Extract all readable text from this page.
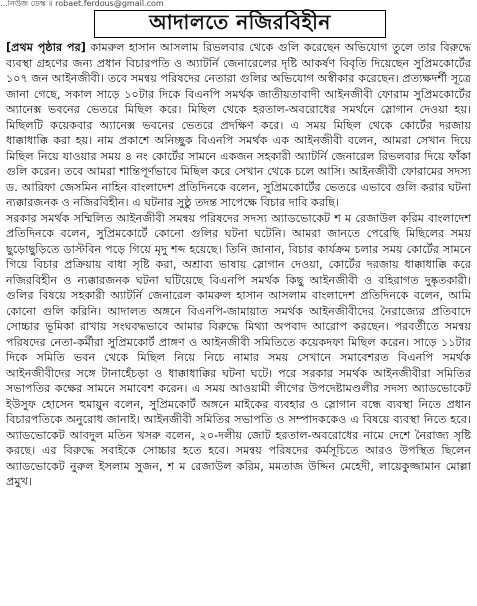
...নিউজ ডেস্ক ॥ robaet.ferdous@gmail.com
আদালতে নজিরবিহীন

[প্রথম পৃষ্ঠার পর] কামরুল হাসান আসলাম রিভলবার থেকে গুলি করেছেন অভিযোগ তুলে তার বিরুদ্ধে ব্যবস্থা গ্রহণের জন্য প্রধান বিচারপতি ও অ্যাটর্নি জেনারেলের দৃষ্টি আকর্ষণ বিবৃতি দিয়েছেন সুপ্রিমকোর্টের ১০৭ জন আইনজীবী। তবে সমন্বয় পরিষদের নেতারা গুলির অভিযোগ অস্বীকার করেছেন। প্রত্যক্ষদর্শী সূত্রে জানা গেছে, সকাল সাড়ে ১০টার দিকে বিএনপি সমর্থক জাতীয়তাবাদী আইনজীবী ফোরাম সুপ্রিমকোর্টের অ্যানেক্স ভবনের ভেতরে মিছিল করে। মিছিল থেকে হরতাল-অবরোধের সমর্থনে স্লোগান দেওয়া হয়। মিছিলটি কয়েকবার অ্যানেক্স ভবনের ভেতরে প্রদক্ষিণ করে। এ সময় মিছিল থেকে কোর্টের দরজায় ধাক্কাধাক্কি করা হয়। নাম প্রকাশে অনিচ্ছুক বিএনপি সমর্থক এক আইনজীবী বলেন, আমরা সেখান দিয়ে মিছিল নিয়ে যাওয়ার সময় ৪ নং কোর্টের সামনে একজন সহকারী অ্যাটর্নি জেনারেল রিভলবার দিয়ে ফাঁকা গুলি করেন। তবে আমরা শান্তিপূর্ণভাবে মিছিল করে সেখান থেকে চলে আসি। আইনজীবী ফোরামের সদস্য ড. আরিফা জেসমিন নাহিন বাংলাদেশ প্রতিদিনকে বলেন, সুপ্রিমকোর্টের ভেতরে এভাবে গুলি করার ঘটনা ন্যক্কারজনক ও নজিরবিহীন। এ ঘটনার সুষ্ঠু তদন্ত সাপেক্ষে বিচার দাবি করছি।

সরকার সমর্থক সম্মিলিত আইনজীবী সমন্বয় পরিষদের সদস্য অ্যাডভোকেট শ ম রেজাউল করিম বাংলাদেশ প্রতিদিনকে বলেন, সুপ্রিমকোর্টে কোনো গুলির ঘটনা ঘটেনি। আমরা জানতে পেরেছি মিছিলের সময় ছুড়োছুড়িতে ডাস্টবিন পড়ে গিয়ে মৃদু শব্দ হয়েছে। তিনি জানান, বিচার কার্যক্রম চলার সময় কোর্টের সামনে গিয়ে বিচার প্রক্রিয়ায় বাধা সৃষ্টি করা, অশ্রাব্য ভাষায় স্লোগান দেওয়া, কোর্টের দরজায় ধাক্কাধাক্কি করে নজিরবিহীন ও ন্যক্কারজনক ঘটনা ঘটিয়েছে বিএনপি সমর্থক কিছু আইনজীবী ও বহিরাগত দুষ্কৃতকারী। গুলির বিষয়ে সহকারী অ্যাটর্নি জেনারেল কামরুল হাসান আসলাম বাংলাদেশ প্রতিদিনকে বলেন, আমি কোনো গুলি করিনি। আদালত অঙ্গনে বিএনপি-জামায়াত সমর্থক আইনজীবীদের নৈরাজ্যের প্রতিবাদে সোচ্চার ভূমিকা রাখায় সংঘবদ্ধভাবে আমার বিরুদ্ধে মিথ্যা অপবাদ আরোপ করছেন। পরবর্তীতে সমন্বয় পরিষদের নেতা-কর্মীরা সুপ্রিমকোর্ট প্রাঙ্গণ ও আইনজীবী সমিতিতে কয়েকদফা মিছিল করেন। সাড়ে ১১টার দিকে সমিতি ভবন থেকে মিছিল নিয়ে নিচে নামার সময় সেখানে সমাবেশরত বিএনপি সমর্থক আইনজীবীদের সঙ্গে টানাহেঁচড়া ও ধাক্কাধাক্কির ঘটনা ঘটে। পরে সরকার সমর্থক আইনজীবীরা সমিতির সভাপতির কক্ষের সামনে সমাবেশ করেন। এ সময় আওয়ামী লীগের উপদেষ্টামণ্ডলীর সদস্য অ্যাডভোকেট ইউসুফ হোসেন হুমায়ুন বলেন, সুপ্রিমকোর্ট অঙ্গনে মাইকের ব্যবহার ও স্লোগান বন্ধে ব্যবস্থা নিতে প্রধান বিচারপতিকে অনুরোধ জানাই। আইনজীবী সমিতির সভাপতি ও সম্পাদককেও এ বিষয়ে ব্যবস্থা নিতে হবে। অ্যাডভোকেট আবদুল মতিন খসরু বলেন, ২০-দলীয় জোট হরতাল-অবরোধের নামে দেশে নৈরাজ্য সৃষ্টি করছে। এর বিরুদ্ধে সবাইকে সোচ্চার হতে হবে। সমন্বয় পরিষদের কর্মসূচিতে আরও উপস্থিত ছিলেন অ্যাডভোকেট নুরুল ইসলাম সুজন, শ ম রেজাউল করিম, মমতাজ উদ্দিন মেহেদী, লায়েকুজ্জামান মোল্লা প্রমুখ।
